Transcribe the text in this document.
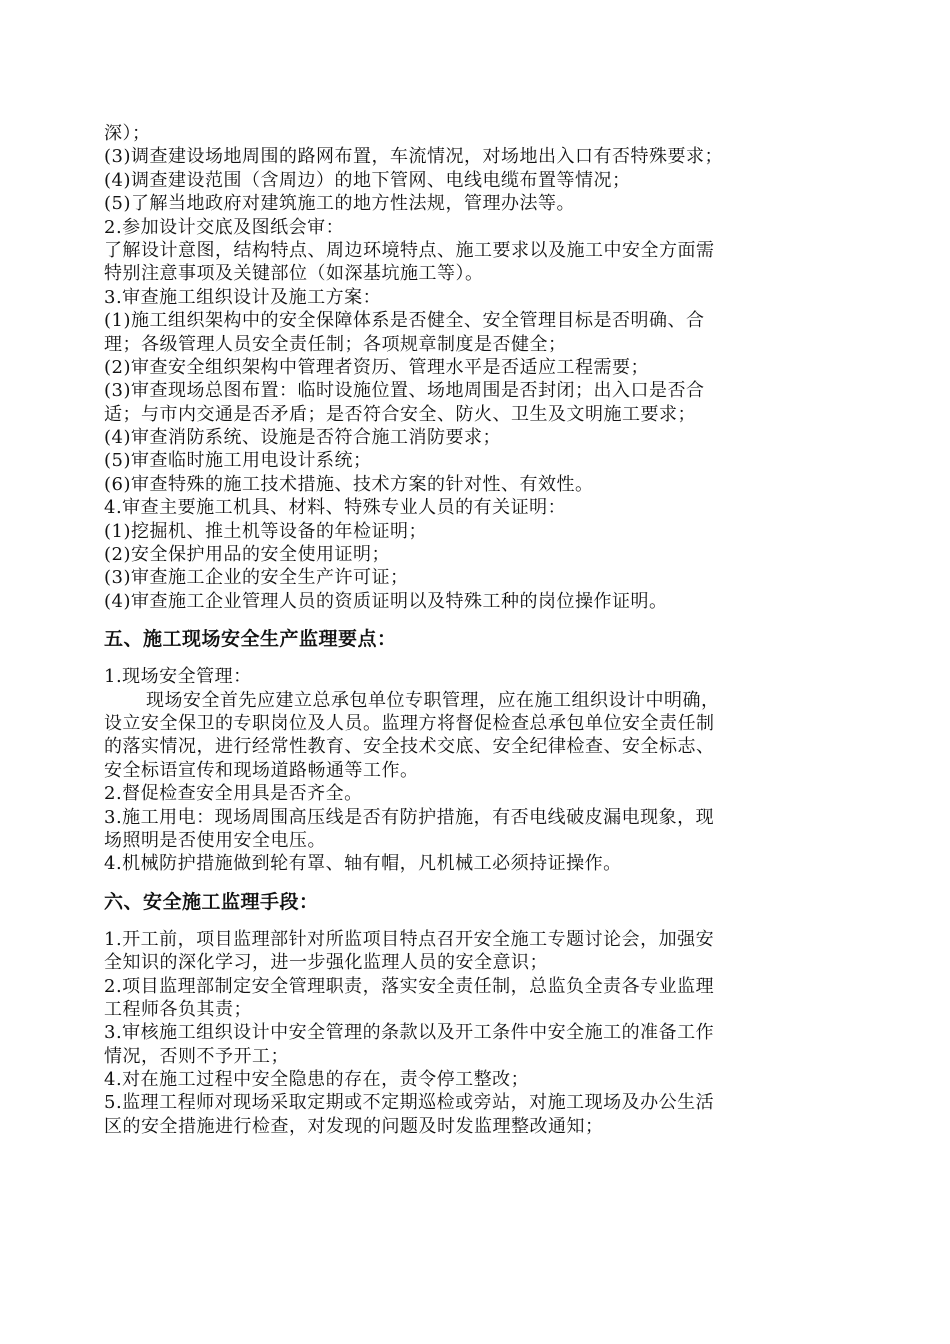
深）；
(3)调查建设场地周围的路网布置，车流情况，对场地出入口有否特殊要求；
(4)调查建设范围（含周边）的地下管网、电线电缆布置等情况；
(5)了解当地政府对建筑施工的地方性法规，管理办法等。
2.参加设计交底及图纸会审：
了解设计意图，结构特点、周边环境特点、施工要求以及施工中安全方面需
特别注意事项及关键部位（如深基坑施工等）。
3.审查施工组织设计及施工方案：
(1)施工组织架构中的安全保障体系是否健全、安全管理目标是否明确、合
理；各级管理人员安全责任制；各项规章制度是否健全；
(2)审查安全组织架构中管理者资历、管理水平是否适应工程需要；
(3)审查现场总图布置：临时设施位置、场地周围是否封闭；出入口是否合
适；与市内交通是否矛盾；是否符合安全、防火、卫生及文明施工要求；
(4)审查消防系统、设施是否符合施工消防要求；
(5)审查临时施工用电设计系统；
(6)审查特殊的施工技术措施、技术方案的针对性、有效性。
4.审查主要施工机具、材料、特殊专业人员的有关证明：
(1)挖掘机、推土机等设备的年检证明；
(2)安全保护用品的安全使用证明；
(3)审查施工企业的安全生产许可证；
(4)审查施工企业管理人员的资质证明以及特殊工种的岗位操作证明。
五、施工现场安全生产监理要点：
1.现场安全管理：
现场安全首先应建立总承包单位专职管理，应在施工组织设计中明确，
设立安全保卫的专职岗位及人员。监理方将督促检查总承包单位安全责任制
的落实情况，进行经常性教育、安全技术交底、安全纪律检查、安全标志、
安全标语宣传和现场道路畅通等工作。
2.督促检查安全用具是否齐全。
3.施工用电：现场周围高压线是否有防护措施，有否电线破皮漏电现象，现
场照明是否使用安全电压。
4.机械防护措施做到轮有罩、轴有帽，凡机械工必须持证操作。
六、安全施工监理手段：
1.开工前，项目监理部针对所监项目特点召开安全施工专题讨论会，加强安
全知识的深化学习，进一步强化监理人员的安全意识；
2.项目监理部制定安全管理职责，落实安全责任制，总监负全责各专业监理
工程师各负其责；
3.审核施工组织设计中安全管理的条款以及开工条件中安全施工的准备工作
情况，否则不予开工；
4.对在施工过程中安全隐患的存在，责令停工整改；
5.监理工程师对现场采取定期或不定期巡检或旁站，对施工现场及办公生活
区的安全措施进行检查，对发现的问题及时发监理整改通知；
